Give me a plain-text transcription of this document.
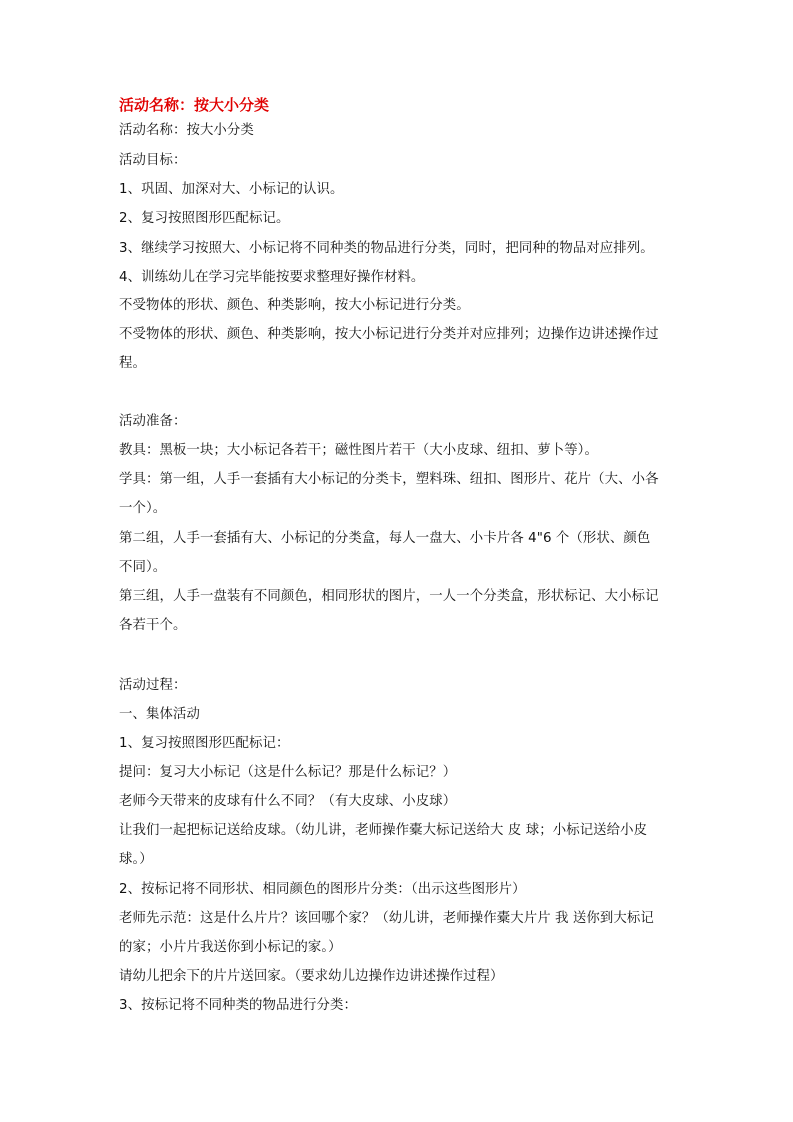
活动名称：按大小分类
活动名称：按大小分类
活动目标：
1、巩固、加深对大、小标记的认识。
2、复习按照图形匹配标记。
3、继续学习按照大、小标记将不同种类的物品进行分类，同时，把同种的物品对应排列。
4、训练幼儿在学习完毕能按要求整理好操作材料。
不受物体的形状、颜色、种类影响，按大小标记进行分类。
不受物体的形状、颜色、种类影响，按大小标记进行分类并对应排列；边操作边讲述操作过
程。
活动准备：
教具：黑板一块；大小标记各若干；磁性图片若干（大小皮球、纽扣、萝卜等）。
学具：第一组，人手一套插有大小标记的分类卡，塑料珠、纽扣、图形片、花片（大、小各
一个）。
第二组，人手一套插有大、小标记的分类盒，每人一盘大、小卡片各 4"6 个（形状、颜色
不同）。
第三组，人手一盘装有不同颜色，相同形状的图片，一人一个分类盒，形状标记、大小标记
各若干个。
活动过程：
一、集体活动
1、复习按照图形匹配标记：
提问：复习大小标记（这是什么标记？那是什么标记？）
老师今天带来的皮球有什么不同？（有大皮球、小皮球）
让我们一起把标记送给皮球。（幼儿讲，老师操作橐大标记送给大 皮 球；小标记送给小皮
球。）
2、按标记将不同形状、相同颜色的图形片分类：（出示这些图形片）
老师先示范：这是什么片片？该回哪个家？（幼儿讲，老师操作橐大片片 我 送你到大标记
的家；小片片我送你到小标记的家。）
请幼儿把余下的片片送回家。（要求幼儿边操作边讲述操作过程）
3、按标记将不同种类的物品进行分类：
